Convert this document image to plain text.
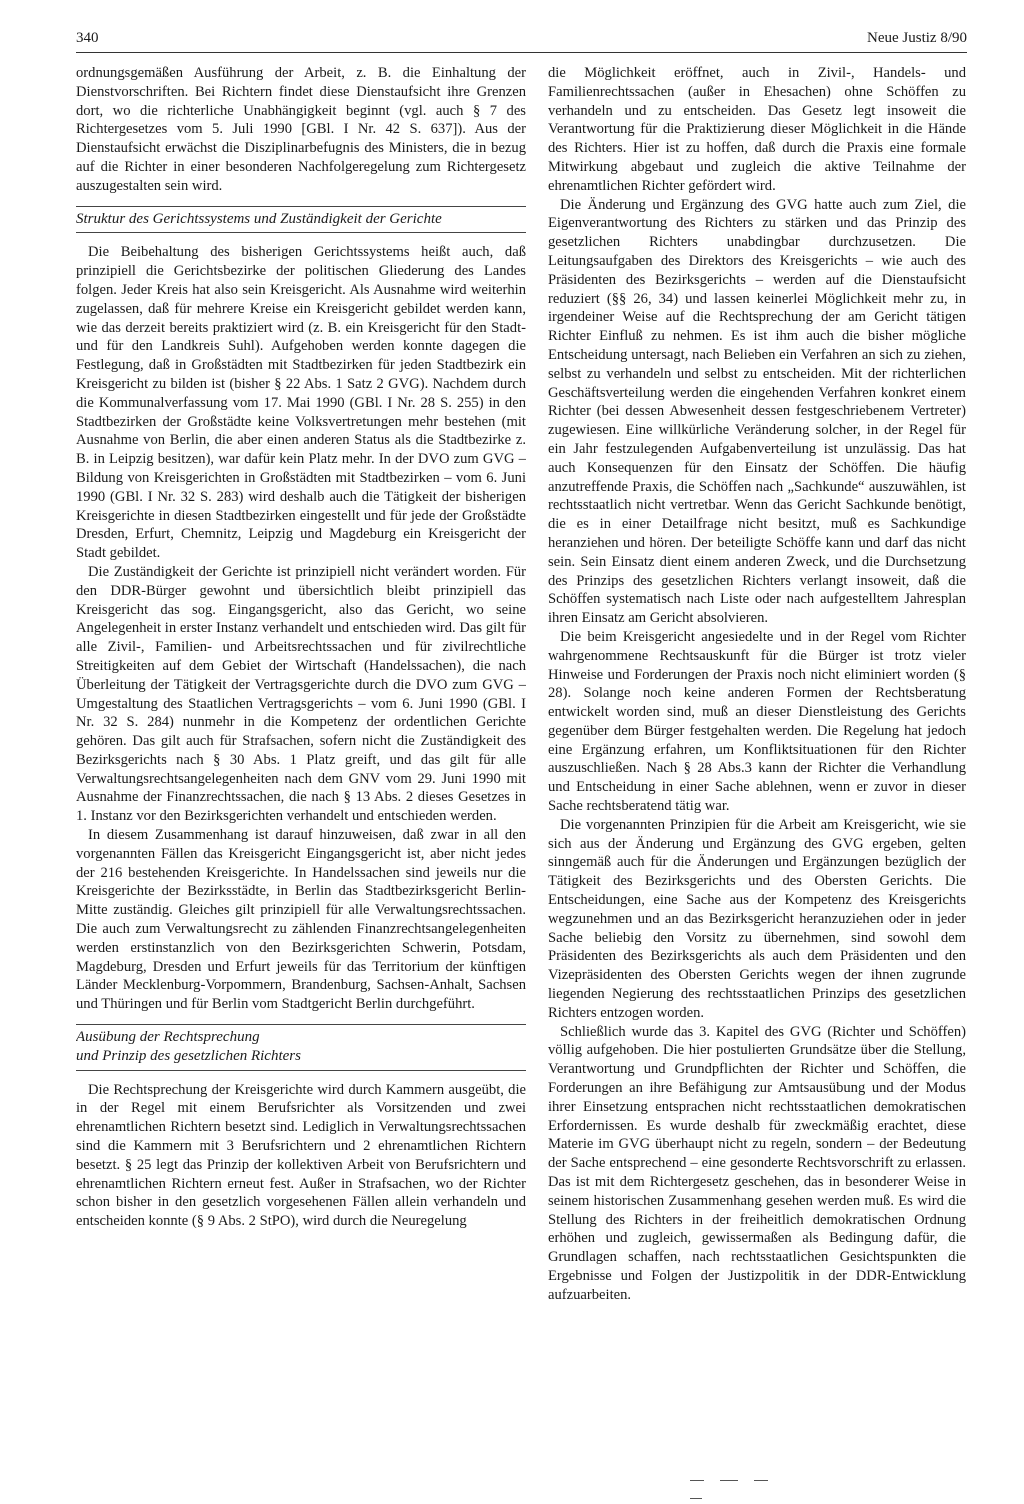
340	Neue Justiz 8/90

ordnungsgemäßen Ausführung der Arbeit, z. B. die Einhaltung der Dienstvorschriften. Bei Richtern findet diese Dienstaufsicht ihre Grenzen dort, wo die richterliche Unabhängigkeit beginnt (vgl. auch § 7 des Richtergesetzes vom 5. Juli 1990 [GBl. I Nr. 42 S. 637]). Aus der Dienstaufsicht erwächst die Disziplinarbefugnis des Ministers, die in bezug auf die Richter in einer besonderen Nachfolgeregelung zum Richtergesetz auszugestalten sein wird.

Struktur des Gerichtssystems und Zuständigkeit der Gerichte

Die Beibehaltung des bisherigen Gerichtssystems heißt auch, daß prinzipiell die Gerichtsbezirke der politischen Gliederung des Landes folgen. Jeder Kreis hat also sein Kreisgericht. Als Ausnahme wird weiterhin zugelassen, daß für mehrere Kreise ein Kreisgericht gebildet werden kann, wie das derzeit bereits praktiziert wird (z. B. ein Kreisgericht für den Stadt- und für den Landkreis Suhl). Aufgehoben werden konnte dagegen die Festlegung, daß in Großstädten mit Stadtbezirken für jeden Stadtbezirk ein Kreisgericht zu bilden ist (bisher § 22 Abs. 1 Satz 2 GVG). Nachdem durch die Kommunalverfassung vom 17. Mai 1990 (GBl. I Nr. 28 S. 255) in den Stadtbezirken der Großstädte keine Volksvertretungen mehr bestehen (mit Ausnahme von Berlin, die aber einen anderen Status als die Stadtbezirke z. B. in Leipzig besitzen), war dafür kein Platz mehr. In der DVO zum GVG – Bildung von Kreisgerichten in Großstädten mit Stadtbezirken – vom 6. Juni 1990 (GBl. I Nr. 32 S. 283) wird deshalb auch die Tätigkeit der bisherigen Kreisgerichte in diesen Stadtbezirken eingestellt und für jede der Großstädte Dresden, Erfurt, Chemnitz, Leipzig und Magdeburg ein Kreisgericht der Stadt gebildet.

Die Zuständigkeit der Gerichte ist prinzipiell nicht verändert worden. Für den DDR-Bürger gewohnt und übersichtlich bleibt prinzipiell das Kreisgericht das sog. Eingangsgericht, also das Gericht, wo seine Angelegenheit in erster Instanz verhandelt und entschieden wird. Das gilt für alle Zivil-, Familien- und Arbeitsrechtssachen und für zivilrechtliche Streitigkeiten auf dem Gebiet der Wirtschaft (Handelssachen), die nach Überleitung der Tätigkeit der Vertragsgerichte durch die DVO zum GVG – Umgestaltung des Staatlichen Vertragsgerichts – vom 6. Juni 1990 (GBl. I Nr. 32 S. 284) nunmehr in die Kompetenz der ordentlichen Gerichte gehören. Das gilt auch für Strafsachen, sofern nicht die Zuständigkeit des Bezirksgerichts nach § 30 Abs. 1 Platz greift, und das gilt für alle Verwaltungsrechtsangelegenheiten nach dem GNV vom 29. Juni 1990 mit Ausnahme der Finanzrechtssachen, die nach § 13 Abs. 2 dieses Gesetzes in 1. Instanz vor den Bezirksgerichten verhandelt und entschieden werden.

In diesem Zusammenhang ist darauf hinzuweisen, daß zwar in all den vorgenannten Fällen das Kreisgericht Eingangsgericht ist, aber nicht jedes der 216 bestehenden Kreisgerichte. In Handelssachen sind jeweils nur die Kreisgerichte der Bezirksstädte, in Berlin das Stadtbezirksgericht Berlin-Mitte zuständig. Gleiches gilt prinzipiell für alle Verwaltungsrechtssachen. Die auch zum Verwaltungsrecht zu zählenden Finanzrechtsangelegenheiten werden erstinstanzlich von den Bezirksgerichten Schwerin, Potsdam, Magdeburg, Dresden und Erfurt jeweils für das Territorium der künftigen Länder Mecklenburg-Vorpommern, Brandenburg, Sachsen-Anhalt, Sachsen und Thüringen und für Berlin vom Stadtgericht Berlin durchgeführt.

Ausübung der Rechtsprechung
und Prinzip des gesetzlichen Richters

Die Rechtsprechung der Kreisgerichte wird durch Kammern ausgeübt, die in der Regel mit einem Berufsrichter als Vorsitzenden und zwei ehrenamtlichen Richtern besetzt sind. Lediglich in Verwaltungsrechtssachen sind die Kammern mit 3 Berufsrichtern und 2 ehrenamtlichen Richtern besetzt. § 25 legt das Prinzip der kollektiven Arbeit von Berufsrichtern und ehrenamtlichen Richtern erneut fest. Außer in Strafsachen, wo der Richter schon bisher in den gesetzlich vorgesehenen Fällen allein verhandeln und entscheiden konnte (§ 9 Abs. 2 StPO), wird durch die Neuregelung

die Möglichkeit eröffnet, auch in Zivil-, Handels- und Familienrechtssachen (außer in Ehesachen) ohne Schöffen zu verhandeln und zu entscheiden. Das Gesetz legt insoweit die Verantwortung für die Praktizierung dieser Möglichkeit in die Hände des Richters. Hier ist zu hoffen, daß durch die Praxis eine formale Mitwirkung abgebaut und zugleich die aktive Teilnahme der ehrenamtlichen Richter gefördert wird.

Die Änderung und Ergänzung des GVG hatte auch zum Ziel, die Eigenverantwortung des Richters zu stärken und das Prinzip des gesetzlichen Richters unabdingbar durchzusetzen. Die Leitungsaufgaben des Direktors des Kreisgerichts – wie auch des Präsidenten des Bezirksgerichts – werden auf die Dienstaufsicht reduziert (§§ 26, 34) und lassen keinerlei Möglichkeit mehr zu, in irgendeiner Weise auf die Rechtsprechung der am Gericht tätigen Richter Einfluß zu nehmen. Es ist ihm auch die bisher mögliche Entscheidung untersagt, nach Belieben ein Verfahren an sich zu ziehen, selbst zu verhandeln und selbst zu entscheiden. Mit der richterlichen Geschäftsverteilung werden die eingehenden Verfahren konkret einem Richter (bei dessen Abwesenheit dessen festgeschriebenem Vertreter) zugewiesen. Eine willkürliche Veränderung solcher, in der Regel für ein Jahr festzulegenden Aufgabenverteilung ist unzulässig. Das hat auch Konsequenzen für den Einsatz der Schöffen. Die häufig anzutreffende Praxis, die Schöffen nach „Sachkunde“ auszuwählen, ist rechtsstaatlich nicht vertretbar. Wenn das Gericht Sachkunde benötigt, die es in einer Detailfrage nicht besitzt, muß es Sachkundige heranziehen und hören. Der beteiligte Schöffe kann und darf das nicht sein. Sein Einsatz dient einem anderen Zweck, und die Durchsetzung des Prinzips des gesetzlichen Richters verlangt insoweit, daß die Schöffen systematisch nach Liste oder nach aufgestelltem Jahresplan ihren Einsatz am Gericht absolvieren.

Die beim Kreisgericht angesiedelte und in der Regel vom Richter wahrgenommene Rechtsauskunft für die Bürger ist trotz vieler Hinweise und Forderungen der Praxis noch nicht eliminiert worden (§ 28). Solange noch keine anderen Formen der Rechtsberatung entwickelt worden sind, muß an dieser Dienstleistung des Gerichts gegenüber dem Bürger festgehalten werden. Die Regelung hat jedoch eine Ergänzung erfahren, um Konfliktsituationen für den Richter auszuschließen. Nach § 28 Abs.3 kann der Richter die Verhandlung und Entscheidung in einer Sache ablehnen, wenn er zuvor in dieser Sache rechtsberatend tätig war.

Die vorgenannten Prinzipien für die Arbeit am Kreisgericht, wie sie sich aus der Änderung und Ergänzung des GVG ergeben, gelten sinngemäß auch für die Änderungen und Ergänzungen bezüglich der Tätigkeit des Bezirksgerichts und des Obersten Gerichts. Die Entscheidungen, eine Sache aus der Kompetenz des Kreisgerichts wegzunehmen und an das Bezirksgericht heranzuziehen oder in jeder Sache beliebig den Vorsitz zu übernehmen, sind sowohl dem Präsidenten des Bezirksgerichts als auch dem Präsidenten und den Vizepräsidenten des Obersten Gerichts wegen der ihnen zugrunde liegenden Negierung des rechtsstaatlichen Prinzips des gesetzlichen Richters entzogen worden.

Schließlich wurde das 3. Kapitel des GVG (Richter und Schöffen) völlig aufgehoben. Die hier postulierten Grundsätze über die Stellung, Verantwortung und Grundpflichten der Richter und Schöffen, die Forderungen an ihre Befähigung zur Amtsausübung und der Modus ihrer Einsetzung entsprachen nicht rechtsstaatlichen demokratischen Erfordernissen. Es wurde deshalb für zweckmäßig erachtet, diese Materie im GVG überhaupt nicht zu regeln, sondern – der Bedeutung der Sache entsprechend – eine gesonderte Rechtsvorschrift zu erlassen. Das ist mit dem Richtergesetz geschehen, das in besonderer Weise in seinem historischen Zusammenhang gesehen werden muß. Es wird die Stellung des Richters in der freiheitlich demokratischen Ordnung erhöhen und zugleich, gewissermaßen als Bedingung dafür, die Grundlagen schaffen, nach rechtsstaatlichen Gesichtspunkten die Ergebnisse und Folgen der Justizpolitik in der DDR-Entwicklung aufzuarbeiten.
